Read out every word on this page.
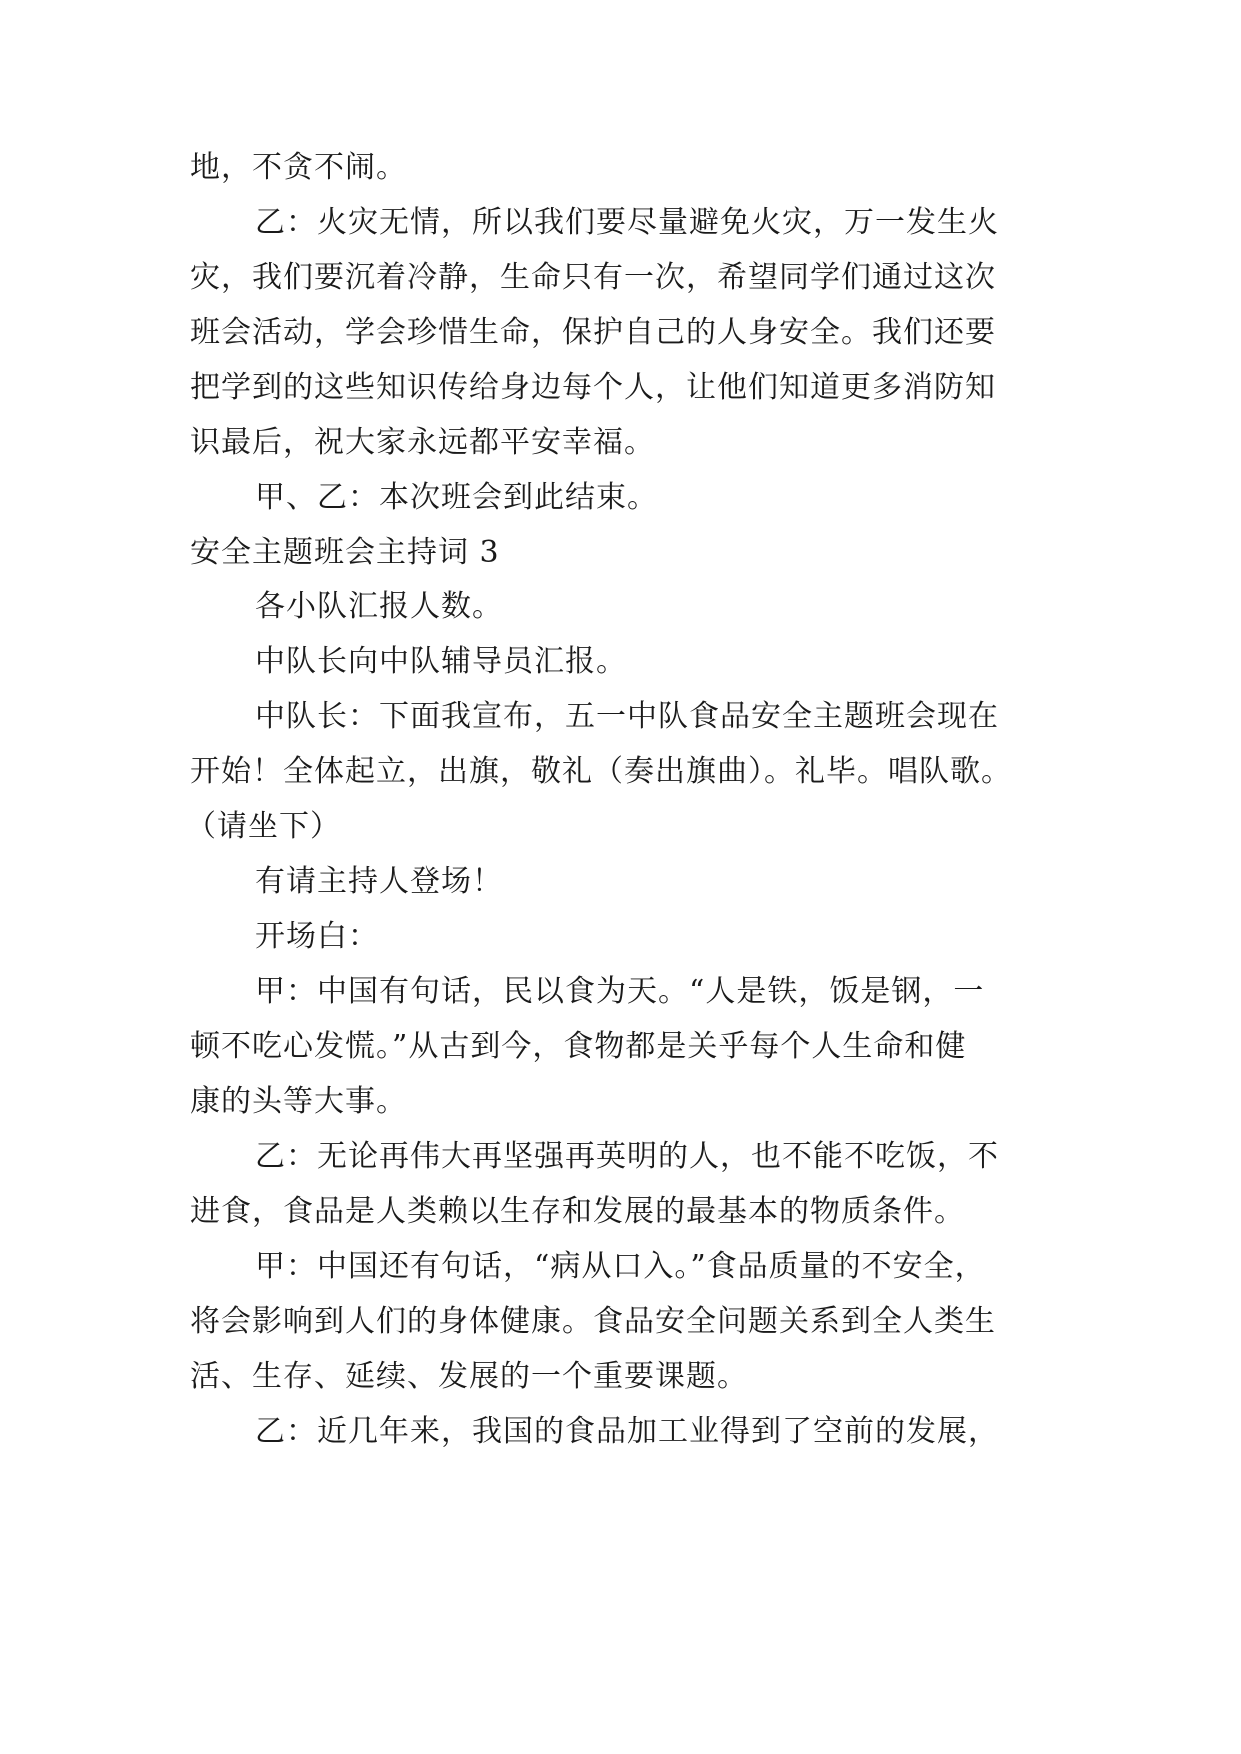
地，不贪不闹。
乙：火灾无情，所以我们要尽量避免火灾，万一发生火
灾，我们要沉着冷静，生命只有一次，希望同学们通过这次
班会活动，学会珍惜生命，保护自己的人身安全。我们还要
把学到的这些知识传给身边每个人，让他们知道更多消防知
识最后，祝大家永远都平安幸福。
甲、乙：本次班会到此结束。
安全主题班会主持词 3
各小队汇报人数。
中队长向中队辅导员汇报。
中队长：下面我宣布，五一中队食品安全主题班会现在
开始！全体起立，出旗，敬礼（奏出旗曲）。礼毕。唱队歌。
（请坐下）
有请主持人登场！
开场白：
甲：中国有句话，民以食为天。“人是铁，饭是钢，一
顿不吃心发慌。”从古到今，食物都是关乎每个人生命和健
康的头等大事。
乙：无论再伟大再坚强再英明的人，也不能不吃饭，不
进食，食品是人类赖以生存和发展的最基本的物质条件。
甲：中国还有句话，“病从口入。”食品质量的不安全，
将会影响到人们的身体健康。食品安全问题关系到全人类生
活、生存、延续、发展的一个重要课题。
乙：近几年来，我国的食品加工业得到了空前的发展，
